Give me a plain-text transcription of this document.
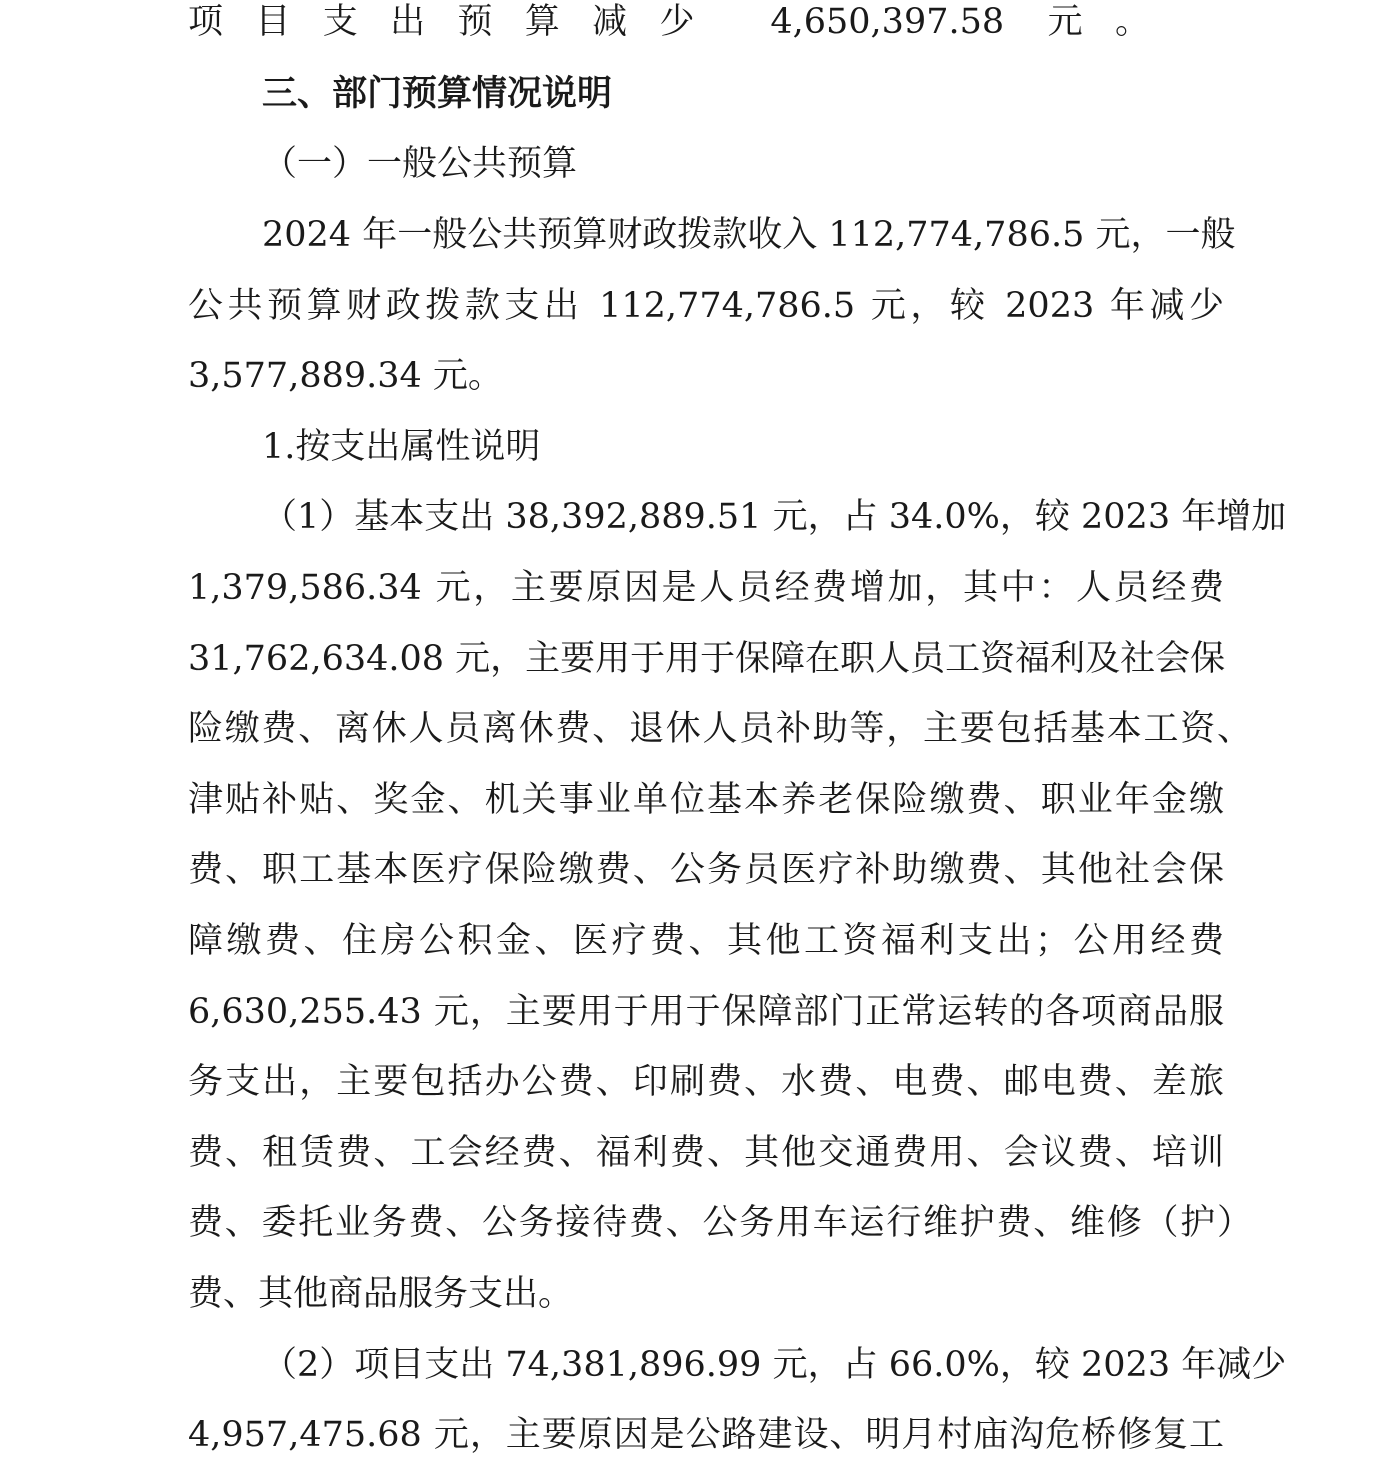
项目支出预算减少 4,650,397.58 元。
三、部门预算情况说明
（一）一般公共预算
2024 年一般公共预算财政拨款收入 112,774,786.5 元，一般
公共预算财政拨款支出 112,774,786.5 元，较 2023 年减少
3,577,889.34 元。
1.按支出属性说明
（1）基本支出 38,392,889.51 元，占 34.0%，较 2023 年增加
1,379,586.34 元，主要原因是人员经费增加，其中：人员经费
31,762,634.08 元，主要用于用于保障在职人员工资福利及社会保
险缴费、离休人员离休费、退休人员补助等，主要包括基本工资、
津贴补贴、奖金、机关事业单位基本养老保险缴费、职业年金缴
费、职工基本医疗保险缴费、公务员医疗补助缴费、其他社会保
障缴费、住房公积金、医疗费、其他工资福利支出；公用经费
6,630,255.43 元，主要用于用于保障部门正常运转的各项商品服
务支出，主要包括办公费、印刷费、水费、电费、邮电费、差旅
费、租赁费、工会经费、福利费、其他交通费用、会议费、培训
费、委托业务费、公务接待费、公务用车运行维护费、维修（护）
费、其他商品服务支出。
（2）项目支出 74,381,896.99 元，占 66.0%，较 2023 年减少
4,957,475.68 元，主要原因是公路建设、明月村庙沟危桥修复工
